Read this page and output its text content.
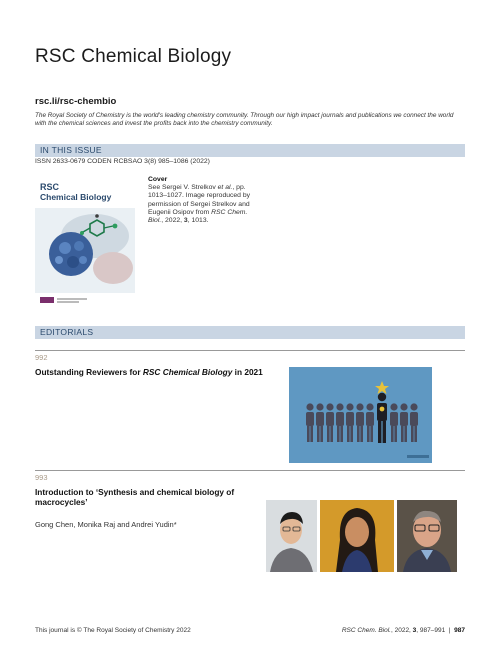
RSC Chemical Biology
rsc.li/rsc-chembio
The Royal Society of Chemistry is the world's leading chemistry community. Through our high impact journals and publications we connect the world with the chemical sciences and invest the profits back into the chemistry community.
IN THIS ISSUE
ISSN 2633-0679 CODEN RCBSAO 3(8) 985–1086 (2022)
RSC
Chemical Biology
Cover
See Sergei V. Strelkov et al., pp. 1013–1027. Image reproduced by permission of Sergei Strelkov and Eugenii Osipov from RSC Chem. Biol., 2022, 3, 1013.
EDITORIALS
992
Outstanding Reviewers for RSC Chemical Biology in 2021
993
Introduction to ‘Synthesis and chemical biology of macrocycles’
Gong Chen, Monika Raj and Andrei Yudin*
This journal is © The Royal Society of Chemistry 2022	RSC Chem. Biol., 2022, 3, 987–991  |  987
